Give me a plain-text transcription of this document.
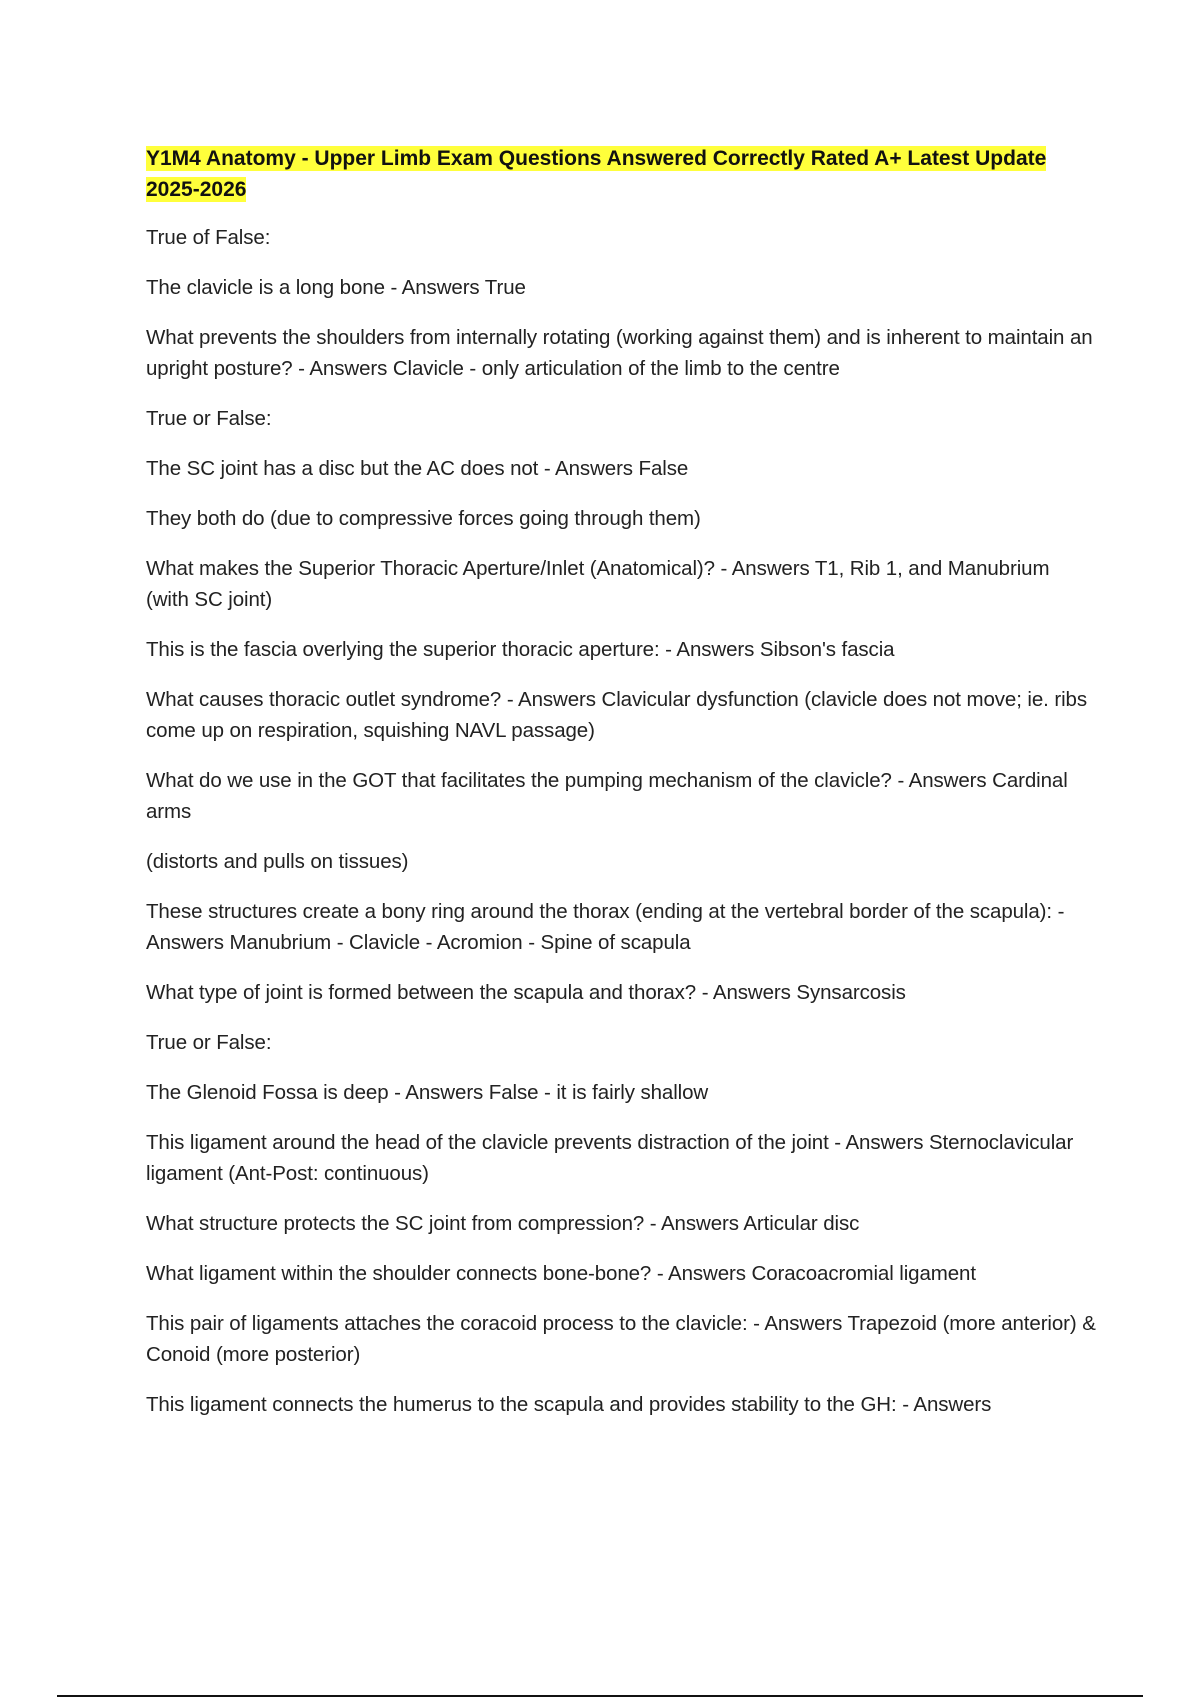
Y1M4 Anatomy - Upper Limb Exam Questions Answered Correctly Rated A+ Latest Update 2025-2026

True of False:

The clavicle is a long bone - Answers True

What prevents the shoulders from internally rotating (working against them) and is inherent to maintain an upright posture? - Answers Clavicle - only articulation of the limb to the centre

True or False:

The SC joint has a disc but the AC does not - Answers False

They both do (due to compressive forces going through them)

What makes the Superior Thoracic Aperture/Inlet (Anatomical)? - Answers T1, Rib 1, and Manubrium (with SC joint)

This is the fascia overlying the superior thoracic aperture: - Answers Sibson's fascia

What causes thoracic outlet syndrome? - Answers Clavicular dysfunction (clavicle does not move; ie. ribs come up on respiration, squishing NAVL passage)

What do we use in the GOT that facilitates the pumping mechanism of the clavicle? - Answers Cardinal arms

(distorts and pulls on tissues)

These structures create a bony ring around the thorax (ending at the vertebral border of the scapula): - Answers Manubrium - Clavicle - Acromion - Spine of scapula

What type of joint is formed between the scapula and thorax? - Answers Synsarcosis

True or False:

The Glenoid Fossa is deep - Answers False - it is fairly shallow

This ligament around the head of the clavicle prevents distraction of the joint - Answers Sternoclavicular ligament (Ant-Post: continuous)

What structure protects the SC joint from compression? - Answers Articular disc

What ligament within the shoulder connects bone-bone? - Answers Coracoacromial ligament

This pair of ligaments attaches the coracoid process to the clavicle: - Answers Trapezoid (more anterior) & Conoid (more posterior)

This ligament connects the humerus to the scapula and provides stability to the GH: - Answers
